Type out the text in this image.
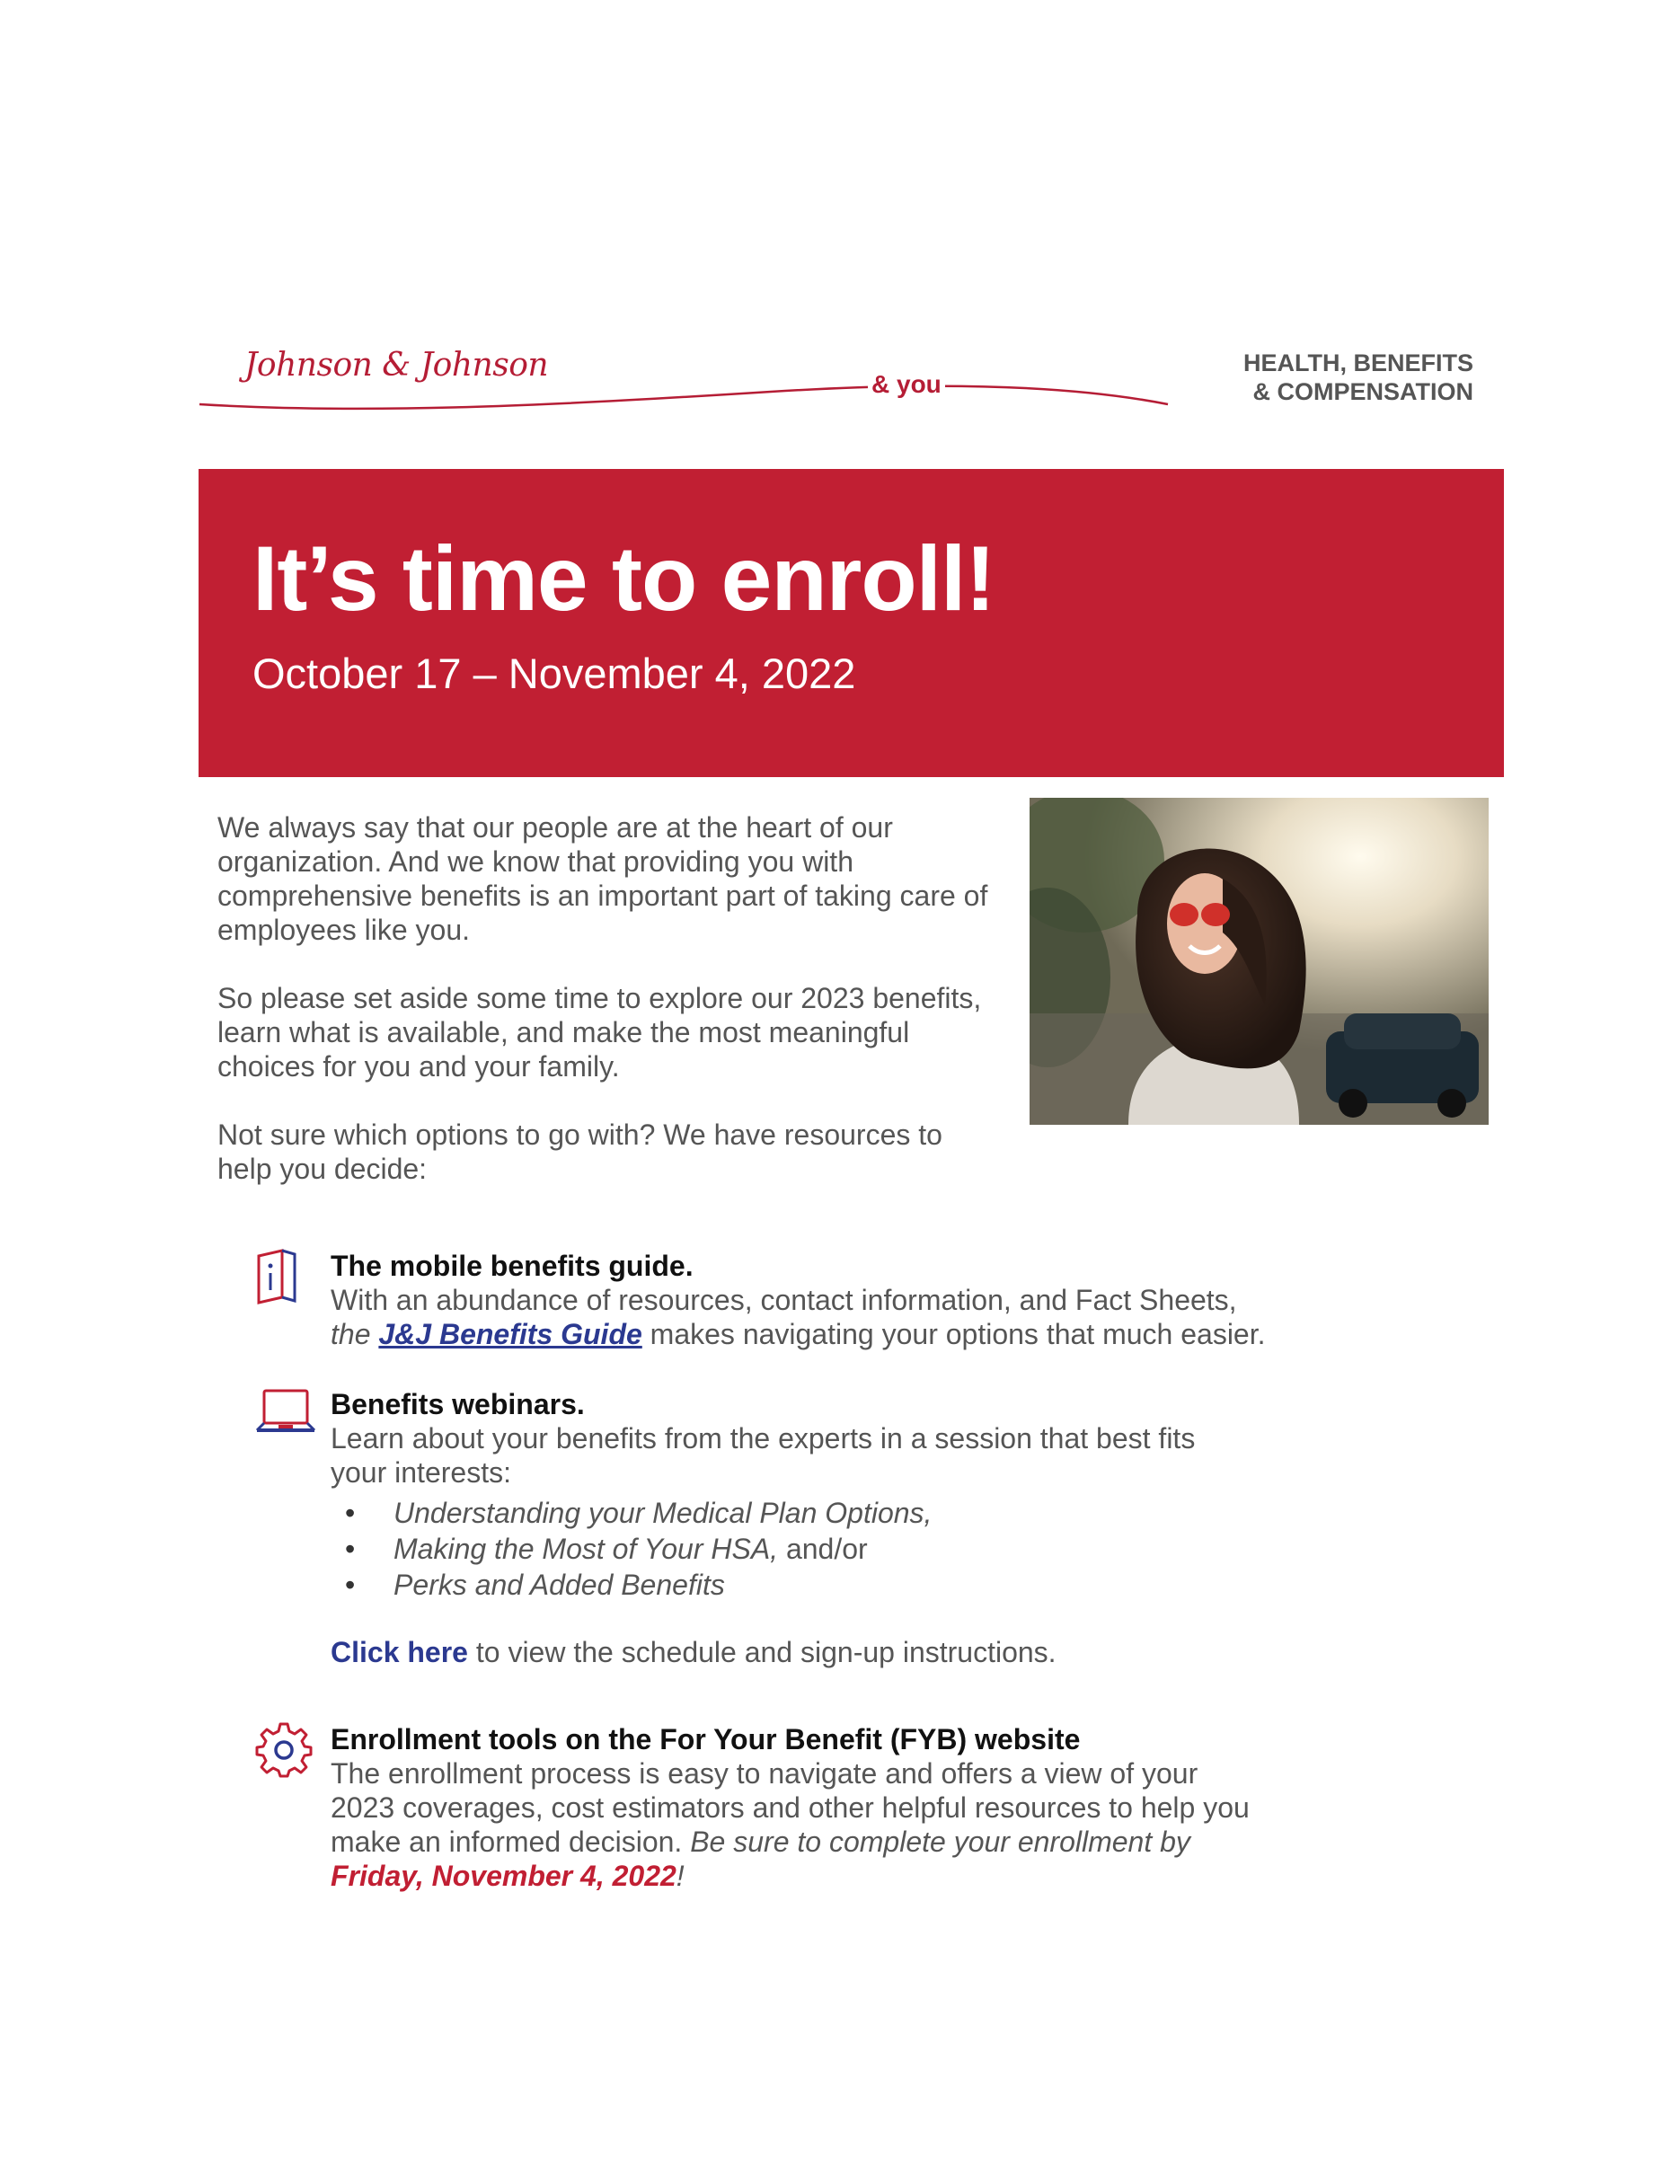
Johnson & Johnson
& you
HEALTH, BENEFITS
& COMPENSATION
It’s time to enroll!
October 17 – November 4, 2022

We always say that our people are at the heart of our organization. And we know that providing you with comprehensive benefits is an important part of taking care of employees like you.

So please set aside some time to explore our 2023 benefits, learn what is available, and make the most meaningful choices for you and your family.

Not sure which options to go with? We have resources to help you decide:

The mobile benefits guide.
With an abundance of resources, contact information, and Fact Sheets,
the J&J Benefits Guide makes navigating your options that much easier.
Benefits webinars.
Learn about your benefits from the experts in a session that best fits your interests:
• Understanding your Medical Plan Options,
• Making the Most of Your HSA, and/or
• Perks and Added Benefits
Click here to view the schedule and sign-up instructions.
Enrollment tools on the For Your Benefit (FYB) website
The enrollment process is easy to navigate and offers a view of your 2023 coverages, cost estimators and other helpful resources to help you make an informed decision. Be sure to complete your enrollment by Friday, November 4, 2022!
